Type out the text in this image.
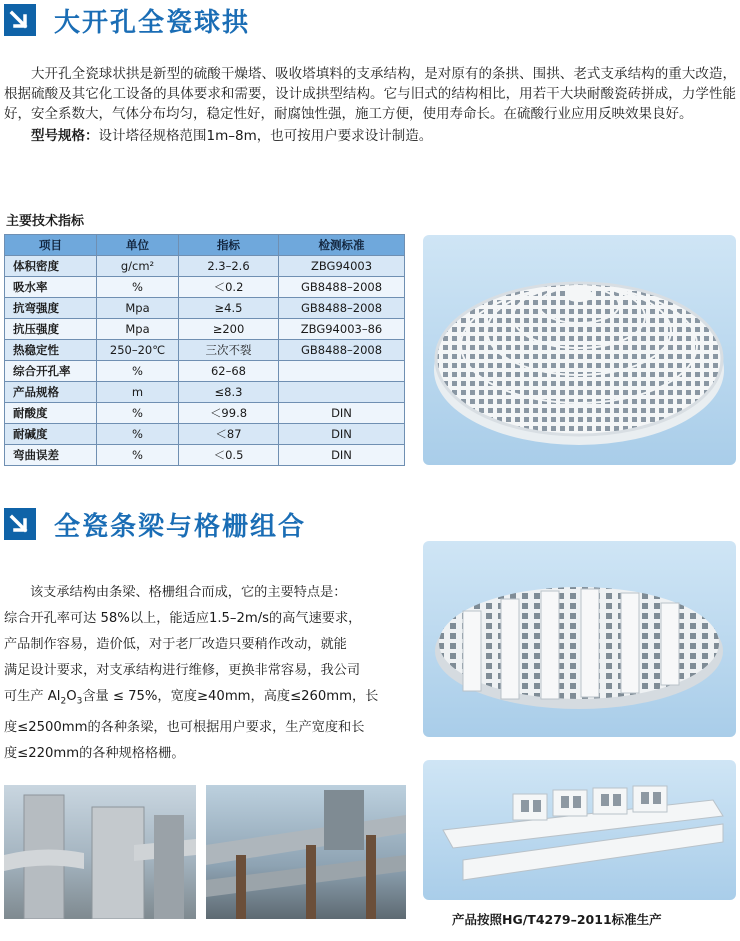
大开孔全瓷球拱

大开孔全瓷球状拱是新型的硫酸干燥塔、吸收塔填料的支承结构，是对原有的条拱、围拱、老式支承结构的重大改造，根据硫酸及其它化工设备的具体要求和需要，设计成拱型结构。它与旧式的结构相比，用若干大块耐酸瓷砖拼成，力学性能好，安全系数大，气体分布均匀，稳定性好，耐腐蚀性强，施工方便，使用寿命长。在硫酸行业应用反映效果良好。

型号规格：设计塔径规格范围1m–8m，也可按用户要求设计制造。

主要技术指标
项目	单位	指标	检测标准
体积密度	g/cm²	2.3–2.6	ZBG94003
吸水率	%	＜0.2	GB8488–2008
抗弯强度	Mpa	≥4.5	GB8488–2008
抗压强度	Mpa	≥200	ZBG94003–86
热稳定性	250–20℃	三次不裂	GB8488–2008
综合开孔率	%	62–68	
产品规格	m	≤8.3	
耐酸度	%	＜99.8	DIN
耐碱度	%	＜87	DIN
弯曲误差	%	＜0.5	DIN
全瓷条梁与格栅组合

该支承结构由条梁、格栅组合而成，它的主要特点是：

综合开孔率可达 58%以上，能适应1.5–2m/s的高气速要求，

产品制作容易，造价低，对于老厂改造只要稍作改动，就能

满足设计要求，对支承结构进行维修，更换非常容易，我公司

可生产 $Al_2O_3$含量 ≤ 75%，宽度≥40mm，高度≤260mm，长

度≤2500mm的各种条梁，也可根据用户要求，生产宽度和长

度≤220mm的各种规格格栅。

产品按照HG/T4279–2011标准生产
